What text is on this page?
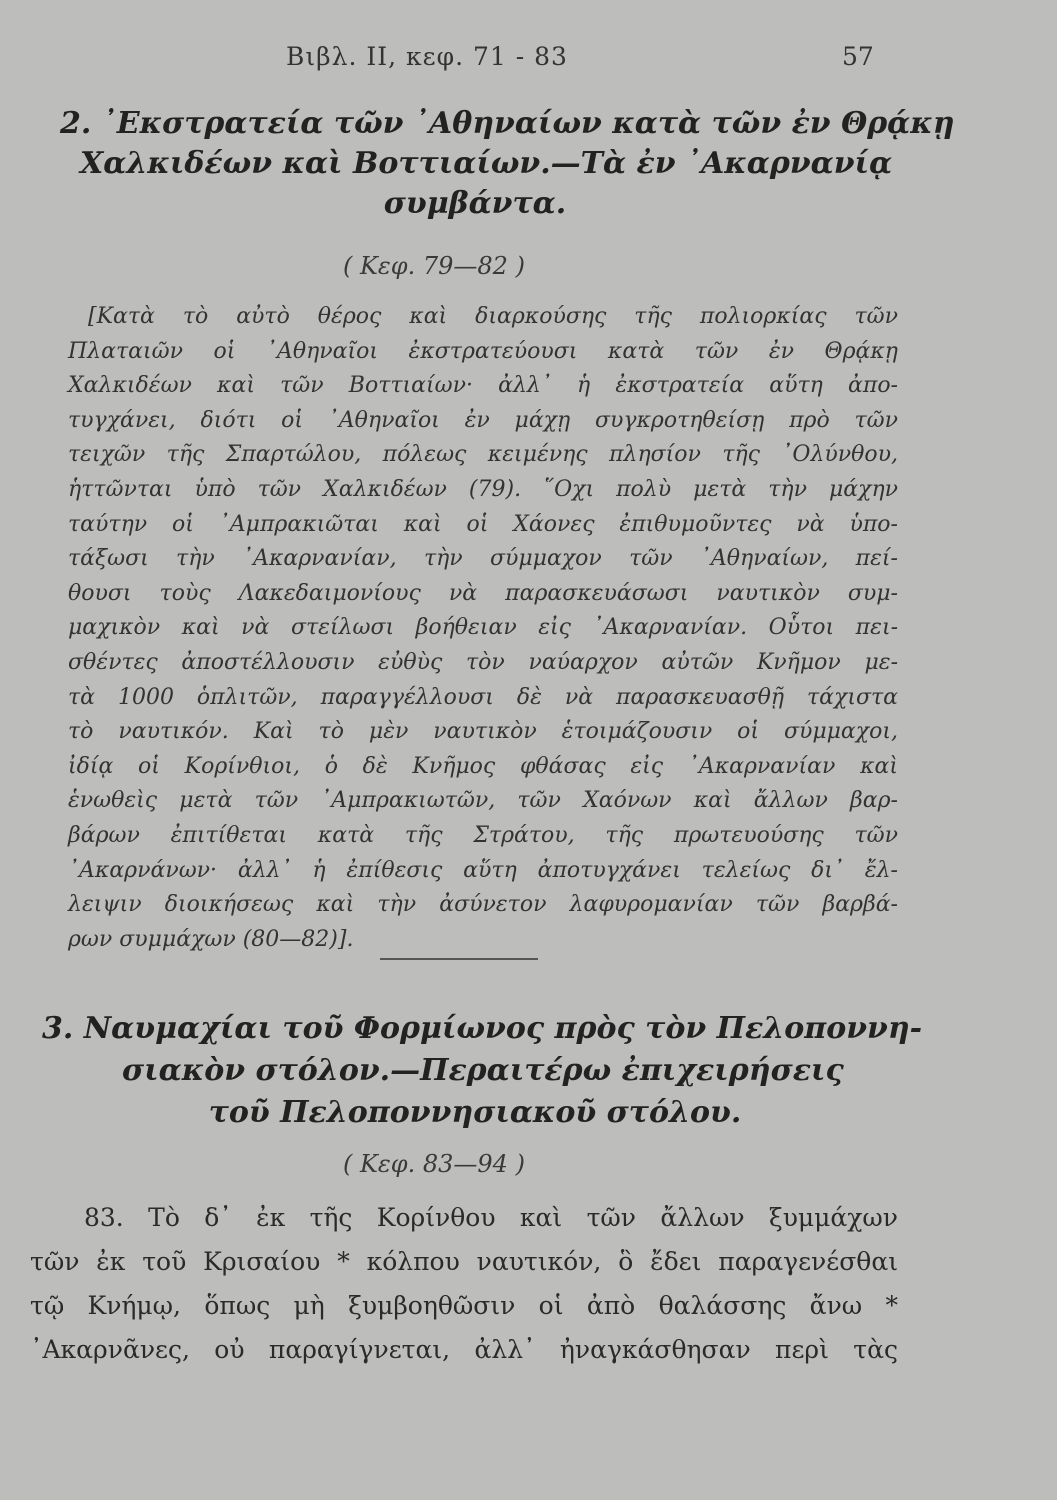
Βιβλ. ΙΙ, κεφ. 71 - 83	57
2. ᾿Εκστρατεία τῶν ᾿Αθηναίων κατὰ τῶν ἐν Θρᾴκῃ
Χαλκιδέων καὶ Βοττιαίων.—Τὰ ἐν ᾿Ακαρνανίᾳ
συμβάντα.
( Κεφ. 79—82 )
[Κατὰ τὸ αὐτὸ θέρος καὶ διαρκούσης τῆς πολιορκίας τῶν
Πλαταιῶν οἱ ᾿Αθηναῖοι ἐκστρατεύουσι κατὰ τῶν ἐν Θρᾴκῃ
Χαλκιδέων καὶ τῶν Βοττιαίων· ἀλλ᾿ ἡ ἐκστρατεία αὕτη ἀπο-
τυγχάνει, διότι οἱ ᾿Αθηναῖοι ἐν μάχῃ συγκροτηθείσῃ πρὸ τῶν
τειχῶν τῆς Σπαρτώλου, πόλεως κειμένης πλησίον τῆς ᾿Ολύνθου,
ἡττῶνται ὑπὸ τῶν Χαλκιδέων (79). ῞Οχι πολὺ μετὰ τὴν μάχην
ταύτην οἱ ᾿Αμπρακιῶται καὶ οἱ Χάονες ἐπιθυμοῦντες νὰ ὑπο-
τάξωσι τὴν ᾿Ακαρνανίαν, τὴν σύμμαχον τῶν ᾿Αθηναίων, πεί-
θουσι τοὺς Λακεδαιμονίους νὰ παρασκευάσωσι ναυτικὸν συμ-
μαχικὸν καὶ νὰ στείλωσι βοήθειαν εἰς ᾿Ακαρνανίαν. Οὗτοι πει-
σθέντες ἀποστέλλουσιν εὐθὺς τὸν ναύαρχον αὐτῶν Κνῆμον με-
τὰ 1000 ὁπλιτῶν, παραγγέλλουσι δὲ νὰ παρασκευασθῇ τάχιστα
τὸ ναυτικόν. Καὶ τὸ μὲν ναυτικὸν ἑτοιμάζουσιν οἱ σύμμαχοι,
ἰδίᾳ οἱ Κορίνθιοι, ὁ δὲ Κνῆμος φθάσας εἰς ᾿Ακαρνανίαν καὶ
ἑνωθεὶς μετὰ τῶν ᾿Αμπρακιωτῶν, τῶν Χαόνων καὶ ἄλλων βαρ-
βάρων ἐπιτίθεται κατὰ τῆς Στράτου, τῆς πρωτευούσης τῶν
᾿Ακαρνάνων· ἀλλ᾿ ἡ ἐπίθεσις αὕτη ἀποτυγχάνει τελείως δι᾿ ἔλ-
λειψιν διοικήσεως καὶ τὴν ἀσύνετον λαφυρομανίαν τῶν βαρβά-
ρων συμμάχων (80—82)].
3. Ναυμαχίαι τοῦ Φορμίωνος πρὸς τὸν Πελοποννη-
σιακὸν στόλον.—Περαιτέρω ἐπιχειρήσεις
τοῦ Πελοποννησιακοῦ στόλου.
( Κεφ. 83—94 )
83. Τὸ δ᾿ ἐκ τῆς Κορίνθου καὶ τῶν ἄλλων ξυμμάχων
τῶν ἐκ τοῦ Κρισαίου * κόλπου ναυτικόν, ὃ ἔδει παραγενέσθαι
τῷ Κνήμῳ, ὅπως μὴ ξυμβοηθῶσιν οἱ ἀπὸ θαλάσσης ἄνω *
᾿Ακαρνᾶνες, οὐ παραγίγνεται, ἀλλ᾿ ἠναγκάσθησαν περὶ τὰς
